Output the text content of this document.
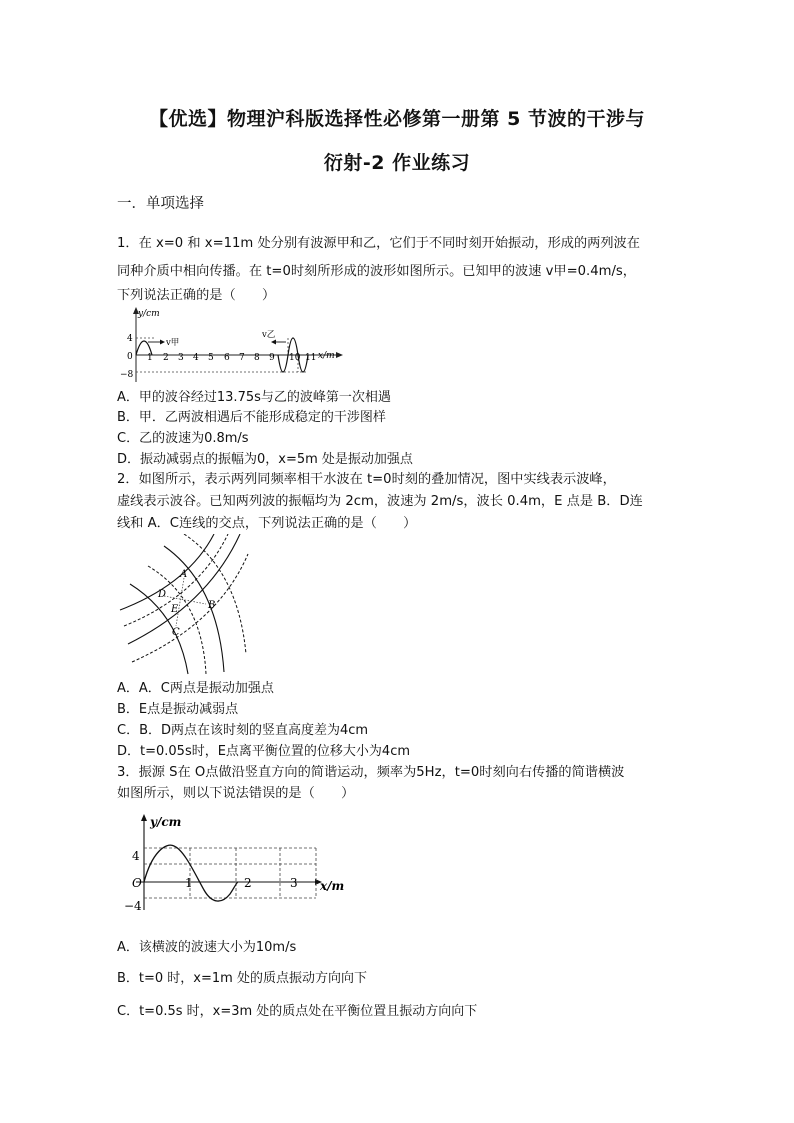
【优选】物理沪科版选择性必修第一册第 5 节波的干涉与
衍射-2 作业练习
一．单项选择
1．在 x=0 和 x=11m 处分别有波源甲和乙，它们于不同时刻开始振动，形成的两列波在
同种介质中相向传播。在 t=0时刻所形成的波形如图所示。已知甲的波速 v甲=0.4m/s，
下列说法正确的是（　　）
v甲
v乙
y/cm
x/m
4
0
−8
1 2 3 4 5 6 7 8 9 10 11
A．甲的波谷经过13.75s与乙的波峰第一次相遇
B．甲．乙两波相遇后不能形成稳定的干涉图样
C．乙的波速为0.8m/s
D．振动减弱点的振幅为0，x=5m 处是振动加强点
2．如图所示，表示两列同频率相干水波在 t=0时刻的叠加情况，图中实线表示波峰，
虚线表示波谷。已知两列波的振幅均为 2cm，波速为 2m/s，波长 0.4m，E 点是 B．D连
线和 A．C连线的交点，下列说法正确的是（　　）
A
B
C
D
E
A．A．C两点是振动加强点
B．E点是振动减弱点
C．B．D两点在该时刻的竖直高度差为4cm
D．t=0.05s时，E点离平衡位置的位移大小为4cm
3．振源 S在 O点做沿竖直方向的简谐运动，频率为5Hz，t=0时刻向右传播的简谐横波
如图所示，则以下说法错误的是（　　）
y/cm
x/m
4
−4
O	1	2	3
A．该横波的波速大小为10m/s
B．t=0 时，x=1m 处的质点振动方向向下
C．t=0.5s 时，x=3m 处的质点处在平衡位置且振动方向向下
